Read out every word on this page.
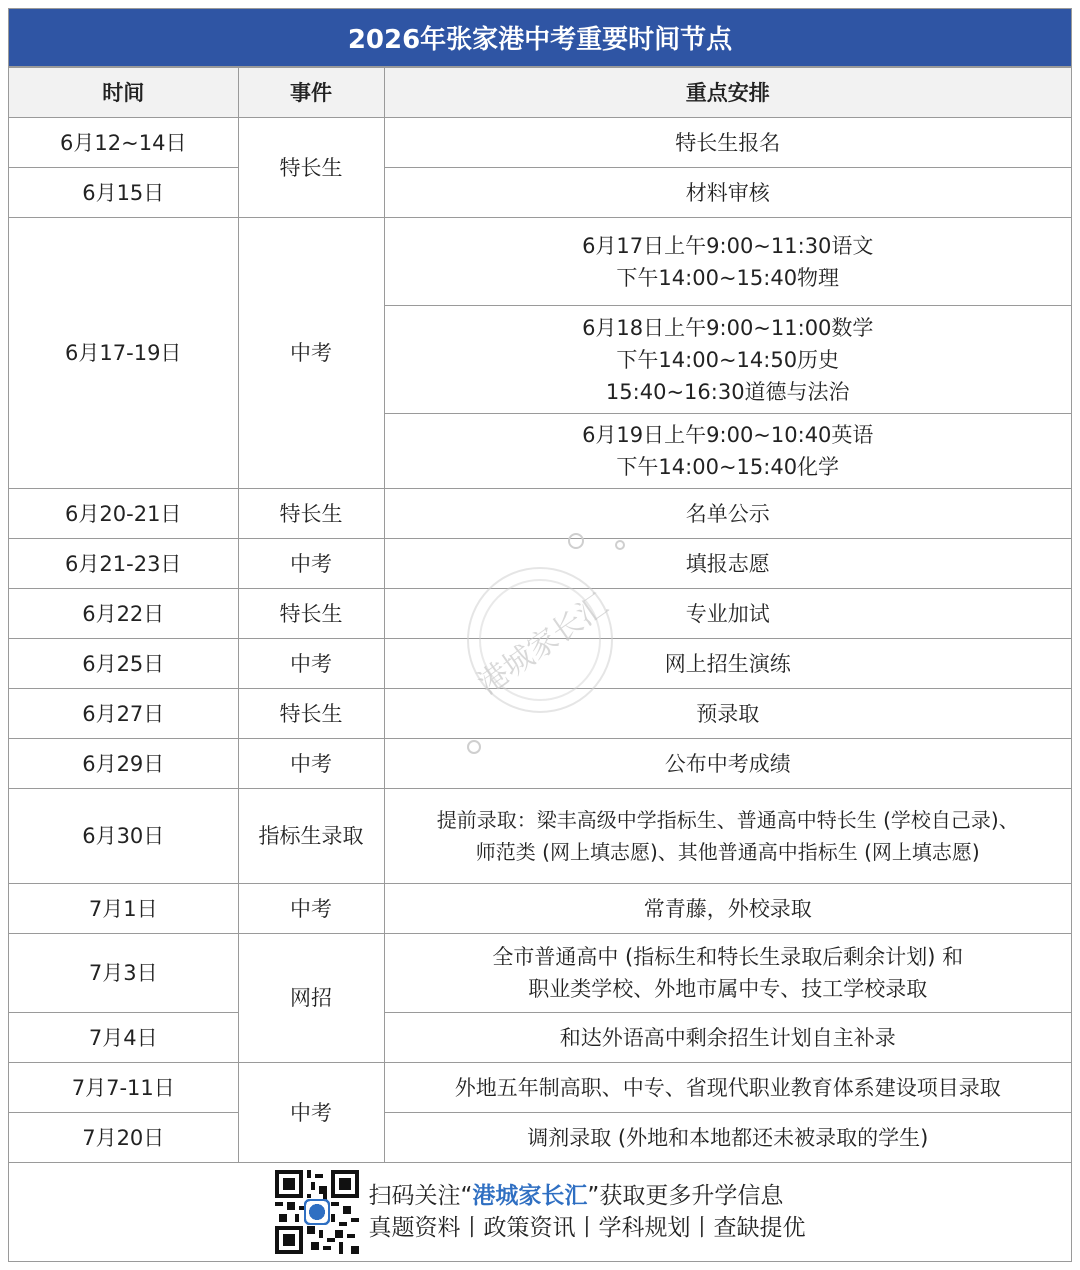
2026年张家港中考重要时间节点
时间	事件	重点安排
6月12~14日	特长生	特长生报名
6月15日		材料审核
6月17-19日	中考	6月17日上午9:00~11:30语文
下午14:00~15:40物理
		6月18日上午9:00~11:00数学
下午14:00~14:50历史
15:40~16:30道德与法治
		6月19日上午9:00~10:40英语
下午14:00~15:40化学
6月20-21日	特长生	名单公示
6月21-23日	中考	填报志愿
6月22日	特长生	专业加试
6月25日	中考	网上招生演练
6月27日	特长生	预录取
6月29日	中考	公布中考成绩
6月30日	指标生录取	提前录取：梁丰高级中学指标生、普通高中特长生 (学校自己录)、
师范类 (网上填志愿)、其他普通高中指标生 (网上填志愿)
7月1日	中考	常青藤，外校录取
7月3日	网招	全市普通高中 (指标生和特长生录取后剩余计划) 和
职业类学校、外地市属中专、技工学校录取
7月4日		和达外语高中剩余招生计划自主补录
7月7-11日	中考	外地五年制高职、中专、省现代职业教育体系建设项目录取
7月20日		调剂录取 (外地和本地都还未被录取的学生)
扫码关注“港城家长汇”获取更多升学信息
真题资料丨政策资讯丨学科规划丨查缺提优
港城家长汇
